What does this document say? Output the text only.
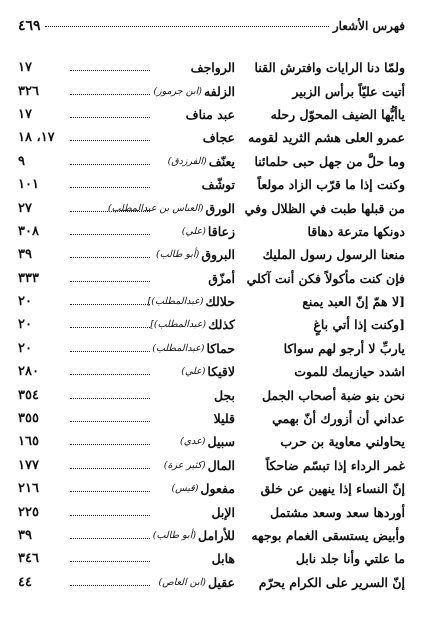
فهرس الأشعار
٤٦٩
ولمّا دنا الرايات وافترش القنا
الرواجف
١٧
أتيت عليّاً برأس الزبير
الزلفه
(ابن جرموز)
٣٢٦
ياأيُّها الضيف المحوّل رحله
عبد مناف
١٧
عمرو العلى هشم الثريد لقومه
عجاف
١٧، ١٨
وما حلَّ من جهل حبى حلمائنا
يعنّف
(الفرزدق)
٩
وكنت إذا ما قرّب الزاد مولعاً
توشّف
١٠١
من قبلها طبت في الظلال وفي
الورق
(العباس بن عبدالمطلب)
٢٧
دونكها مترعة دهاقا
زعاقا
(علي)
٣٠٨
منعنا الرسول رسول المليك
البروق
(أبو طالب)
٣٩
فإن كنت مأكولاً فكن أنت آكلي
أمزّق
٣٣٣
[لا همّ إنّ العبد يمنع
حلالك
(عبدالمطلب)]
٢٠
[وكنت إذا أتي باغٍ
كذلك
(عبدالمطلب)]
٢٠
ياربِّ لا أرجو لهم سواكا
حماكا
(عبدالمطلب)
٢٠
اشدد حيازيمك للموت
لاقيكا
(علي)
٢٨٠
نحن بنو ضبة أصحاب الجمل
بجل
٣٥٤
عداني أن أزورك أنّ بهمي
قليلا
٣٥٥
يحاولني معاوية بن حرب
سبيل
(عدي)
١٦٥
غمر الرداء إذا تبسّم ضاحكاً
المال
(كثير عزة)
١٧٧
إنّ النساء إذا ينهين عن خلق
مفعول
(قيس)
٢١٦
أوردها سعد وسعد مشتمل
الإبل
٢٢٥
وأبيض يستسقى الغمام بوجهه
للأرامل
(أبو طالب)
٣٩
ما علتي وأنا جلد نابل
هابل
٣٤٦
إنّ السرير على الكرام يحرّم
عقيل
(ابن العاص)
٤٤
